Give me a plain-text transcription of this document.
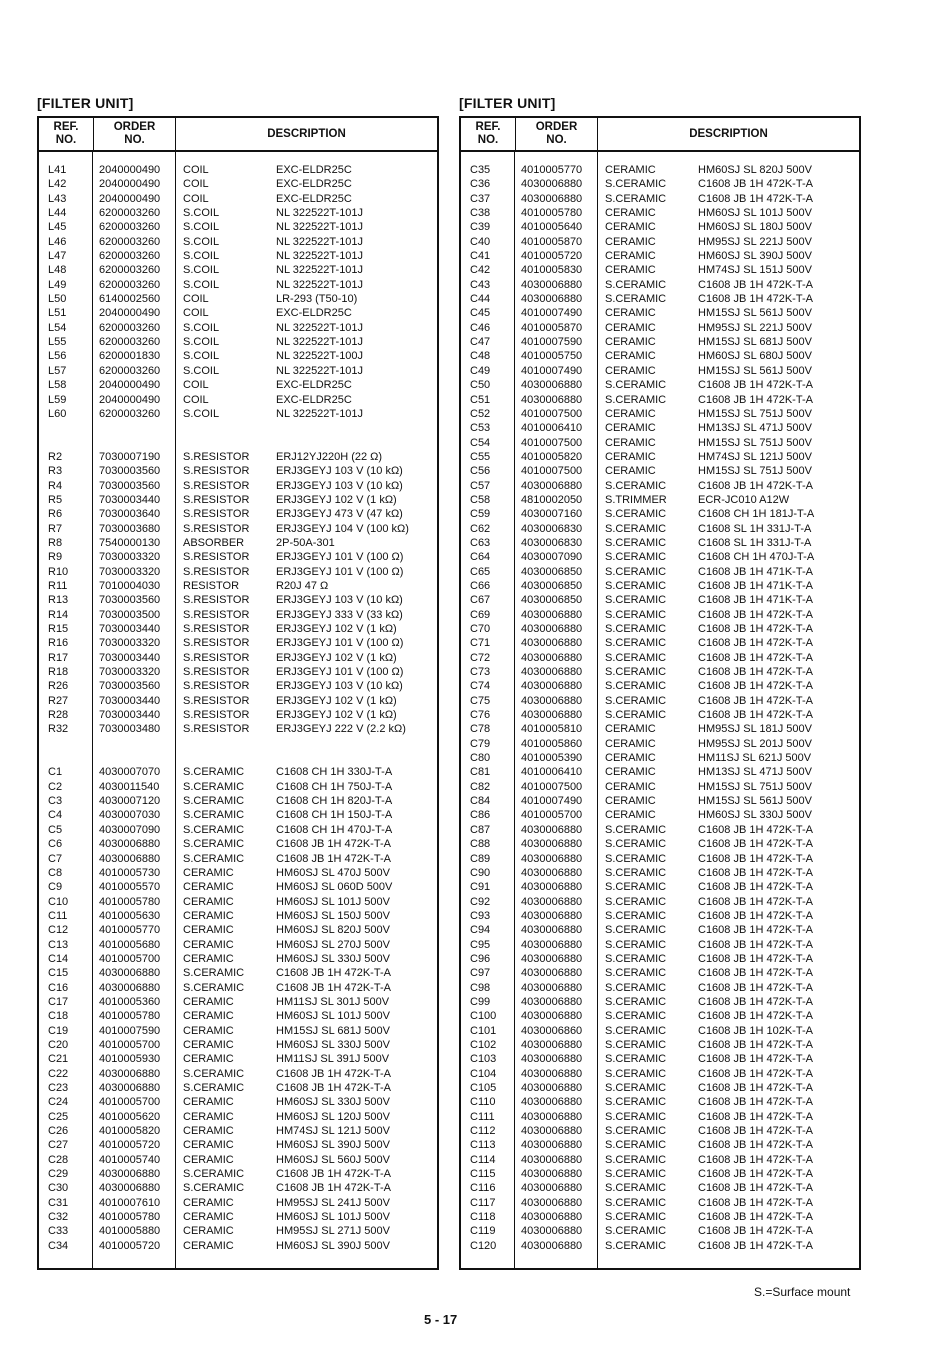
[FILTER UNIT]
REF.
NO.
ORDER
NO.
DESCRIPTION
L41	2040000490	COIL	EXC-ELDR25C
L42	2040000490	COIL	EXC-ELDR25C
L43	2040000490	COIL	EXC-ELDR25C
L44	6200003260	S.COIL	NL 322522T-101J
L45	6200003260	S.COIL	NL 322522T-101J
L46	6200003260	S.COIL	NL 322522T-101J
L47	6200003260	S.COIL	NL 322522T-101J
L48	6200003260	S.COIL	NL 322522T-101J
L49	6200003260	S.COIL	NL 322522T-101J
L50	6140002560	COIL	LR-293 (T50-10)
L51	2040000490	COIL	EXC-ELDR25C
L54	6200003260	S.COIL	NL 322522T-101J
L55	6200003260	S.COIL	NL 322522T-101J
L56	6200001830	S.COIL	NL 322522T-100J
L57	6200003260	S.COIL	NL 322522T-101J
L58	2040000490	COIL	EXC-ELDR25C
L59	2040000490	COIL	EXC-ELDR25C
L60	6200003260	S.COIL	NL 322522T-101J
R2	7030007190	S.RESISTOR	ERJ12YJ220H (22 Ω)
R3	7030003560	S.RESISTOR	ERJ3GEYJ 103 V (10 kΩ)
R4	7030003560	S.RESISTOR	ERJ3GEYJ 103 V (10 kΩ)
R5	7030003440	S.RESISTOR	ERJ3GEYJ 102 V (1 kΩ)
R6	7030003640	S.RESISTOR	ERJ3GEYJ 473 V (47 kΩ)
R7	7030003680	S.RESISTOR	ERJ3GEYJ 104 V (100 kΩ)
R8	7540000130	ABSORBER	2P-50A-301
R9	7030003320	S.RESISTOR	ERJ3GEYJ 101 V (100 Ω)
R10	7030003320	S.RESISTOR	ERJ3GEYJ 101 V (100 Ω)
R11	7010004030	RESISTOR	R20J 47 Ω
R13	7030003560	S.RESISTOR	ERJ3GEYJ 103 V (10 kΩ)
R14	7030003500	S.RESISTOR	ERJ3GEYJ 333 V (33 kΩ)
R15	7030003440	S.RESISTOR	ERJ3GEYJ 102 V (1 kΩ)
R16	7030003320	S.RESISTOR	ERJ3GEYJ 101 V (100 Ω)
R17	7030003440	S.RESISTOR	ERJ3GEYJ 102 V (1 kΩ)
R18	7030003320	S.RESISTOR	ERJ3GEYJ 101 V (100 Ω)
R26	7030003560	S.RESISTOR	ERJ3GEYJ 103 V (10 kΩ)
R27	7030003440	S.RESISTOR	ERJ3GEYJ 102 V (1 kΩ)
R28	7030003440	S.RESISTOR	ERJ3GEYJ 102 V (1 kΩ)
R32	7030003480	S.RESISTOR	ERJ3GEYJ 222 V (2.2 kΩ)
C1	4030007070	S.CERAMIC	C1608 CH 1H 330J-T-A
C2	4030011540	S.CERAMIC	C1608 CH 1H 750J-T-A
C3	4030007120	S.CERAMIC	C1608 CH 1H 820J-T-A
C4	4030007030	S.CERAMIC	C1608 CH 1H 150J-T-A
C5	4030007090	S.CERAMIC	C1608 CH 1H 470J-T-A
C6	4030006880	S.CERAMIC	C1608 JB 1H 472K-T-A
C7	4030006880	S.CERAMIC	C1608 JB 1H 472K-T-A
C8	4010005730	CERAMIC	HM60SJ SL 470J 500V
C9	4010005570	CERAMIC	HM60SJ SL 060D 500V
C10	4010005780	CERAMIC	HM60SJ SL 101J 500V
C11	4010005630	CERAMIC	HM60SJ SL 150J 500V
C12	4010005770	CERAMIC	HM60SJ SL 820J 500V
C13	4010005680	CERAMIC	HM60SJ SL 270J 500V
C14	4010005700	CERAMIC	HM60SJ SL 330J 500V
C15	4030006880	S.CERAMIC	C1608 JB 1H 472K-T-A
C16	4030006880	S.CERAMIC	C1608 JB 1H 472K-T-A
C17	4010005360	CERAMIC	HM11SJ SL 301J 500V
C18	4010005780	CERAMIC	HM60SJ SL 101J 500V
C19	4010007590	CERAMIC	HM15SJ SL 681J 500V
C20	4010005700	CERAMIC	HM60SJ SL 330J 500V
C21	4010005930	CERAMIC	HM11SJ SL 391J 500V
C22	4030006880	S.CERAMIC	C1608 JB 1H 472K-T-A
C23	4030006880	S.CERAMIC	C1608 JB 1H 472K-T-A
C24	4010005700	CERAMIC	HM60SJ SL 330J 500V
C25	4010005620	CERAMIC	HM60SJ SL 120J 500V
C26	4010005820	CERAMIC	HM74SJ SL 121J 500V
C27	4010005720	CERAMIC	HM60SJ SL 390J 500V
C28	4010005740	CERAMIC	HM60SJ SL 560J 500V
C29	4030006880	S.CERAMIC	C1608 JB 1H 472K-T-A
C30	4030006880	S.CERAMIC	C1608 JB 1H 472K-T-A
C31	4010007610	CERAMIC	HM95SJ SL 241J 500V
C32	4010005780	CERAMIC	HM60SJ SL 101J 500V
C33	4010005880	CERAMIC	HM95SJ SL 271J 500V
C34	4010005720	CERAMIC	HM60SJ SL 390J 500V
[FILTER UNIT]
REF.
NO.
ORDER
NO.
DESCRIPTION
C35	4010005770	CERAMIC	HM60SJ SL 820J 500V
C36	4030006880	S.CERAMIC	C1608 JB 1H 472K-T-A
C37	4030006880	S.CERAMIC	C1608 JB 1H 472K-T-A
C38	4010005780	CERAMIC	HM60SJ SL 101J 500V
C39	4010005640	CERAMIC	HM60SJ SL 180J 500V
C40	4010005870	CERAMIC	HM95SJ SL 221J 500V
C41	4010005720	CERAMIC	HM60SJ SL 390J 500V
C42	4010005830	CERAMIC	HM74SJ SL 151J 500V
C43	4030006880	S.CERAMIC	C1608 JB 1H 472K-T-A
C44	4030006880	S.CERAMIC	C1608 JB 1H 472K-T-A
C45	4010007490	CERAMIC	HM15SJ SL 561J 500V
C46	4010005870	CERAMIC	HM95SJ SL 221J 500V
C47	4010007590	CERAMIC	HM15SJ SL 681J 500V
C48	4010005750	CERAMIC	HM60SJ SL 680J 500V
C49	4010007490	CERAMIC	HM15SJ SL 561J 500V
C50	4030006880	S.CERAMIC	C1608 JB 1H 472K-T-A
C51	4030006880	S.CERAMIC	C1608 JB 1H 472K-T-A
C52	4010007500	CERAMIC	HM15SJ SL 751J 500V
C53	4010006410	CERAMIC	HM13SJ SL 471J 500V
C54	4010007500	CERAMIC	HM15SJ SL 751J 500V
C55	4010005820	CERAMIC	HM74SJ SL 121J 500V
C56	4010007500	CERAMIC	HM15SJ SL 751J 500V
C57	4030006880	S.CERAMIC	C1608 JB 1H 472K-T-A
C58	4810002050	S.TRIMMER	ECR-JC010 A12W
C59	4030007160	S.CERAMIC	C1608 CH 1H 181J-T-A
C62	4030006830	S.CERAMIC	C1608 SL 1H 331J-T-A
C63	4030006830	S.CERAMIC	C1608 SL 1H 331J-T-A
C64	4030007090	S.CERAMIC	C1608 CH 1H 470J-T-A
C65	4030006850	S.CERAMIC	C1608 JB 1H 471K-T-A
C66	4030006850	S.CERAMIC	C1608 JB 1H 471K-T-A
C67	4030006850	S.CERAMIC	C1608 JB 1H 471K-T-A
C69	4030006880	S.CERAMIC	C1608 JB 1H 472K-T-A
C70	4030006880	S.CERAMIC	C1608 JB 1H 472K-T-A
C71	4030006880	S.CERAMIC	C1608 JB 1H 472K-T-A
C72	4030006880	S.CERAMIC	C1608 JB 1H 472K-T-A
C73	4030006880	S.CERAMIC	C1608 JB 1H 472K-T-A
C74	4030006880	S.CERAMIC	C1608 JB 1H 472K-T-A
C75	4030006880	S.CERAMIC	C1608 JB 1H 472K-T-A
C76	4030006880	S.CERAMIC	C1608 JB 1H 472K-T-A
C78	4010005810	CERAMIC	HM95SJ SL 181J 500V
C79	4010005860	CERAMIC	HM95SJ SL 201J 500V
C80	4010005390	CERAMIC	HM11SJ SL 621J 500V
C81	4010006410	CERAMIC	HM13SJ SL 471J 500V
C82	4010007500	CERAMIC	HM15SJ SL 751J 500V
C84	4010007490	CERAMIC	HM15SJ SL 561J 500V
C86	4010005700	CERAMIC	HM60SJ SL 330J 500V
C87	4030006880	S.CERAMIC	C1608 JB 1H 472K-T-A
C88	4030006880	S.CERAMIC	C1608 JB 1H 472K-T-A
C89	4030006880	S.CERAMIC	C1608 JB 1H 472K-T-A
C90	4030006880	S.CERAMIC	C1608 JB 1H 472K-T-A
C91	4030006880	S.CERAMIC	C1608 JB 1H 472K-T-A
C92	4030006880	S.CERAMIC	C1608 JB 1H 472K-T-A
C93	4030006880	S.CERAMIC	C1608 JB 1H 472K-T-A
C94	4030006880	S.CERAMIC	C1608 JB 1H 472K-T-A
C95	4030006880	S.CERAMIC	C1608 JB 1H 472K-T-A
C96	4030006880	S.CERAMIC	C1608 JB 1H 472K-T-A
C97	4030006880	S.CERAMIC	C1608 JB 1H 472K-T-A
C98	4030006880	S.CERAMIC	C1608 JB 1H 472K-T-A
C99	4030006880	S.CERAMIC	C1608 JB 1H 472K-T-A
C100	4030006880	S.CERAMIC	C1608 JB 1H 472K-T-A
C101	4030006860	S.CERAMIC	C1608 JB 1H 102K-T-A
C102	4030006880	S.CERAMIC	C1608 JB 1H 472K-T-A
C103	4030006880	S.CERAMIC	C1608 JB 1H 472K-T-A
C104	4030006880	S.CERAMIC	C1608 JB 1H 472K-T-A
C105	4030006880	S.CERAMIC	C1608 JB 1H 472K-T-A
C110	4030006880	S.CERAMIC	C1608 JB 1H 472K-T-A
C111	4030006880	S.CERAMIC	C1608 JB 1H 472K-T-A
C112	4030006880	S.CERAMIC	C1608 JB 1H 472K-T-A
C113	4030006880	S.CERAMIC	C1608 JB 1H 472K-T-A
C114	4030006880	S.CERAMIC	C1608 JB 1H 472K-T-A
C115	4030006880	S.CERAMIC	C1608 JB 1H 472K-T-A
C116	4030006880	S.CERAMIC	C1608 JB 1H 472K-T-A
C117	4030006880	S.CERAMIC	C1608 JB 1H 472K-T-A
C118	4030006880	S.CERAMIC	C1608 JB 1H 472K-T-A
C119	4030006880	S.CERAMIC	C1608 JB 1H 472K-T-A
C120	4030006880	S.CERAMIC	C1608 JB 1H 472K-T-A
S.=Surface mount
5 - 17
